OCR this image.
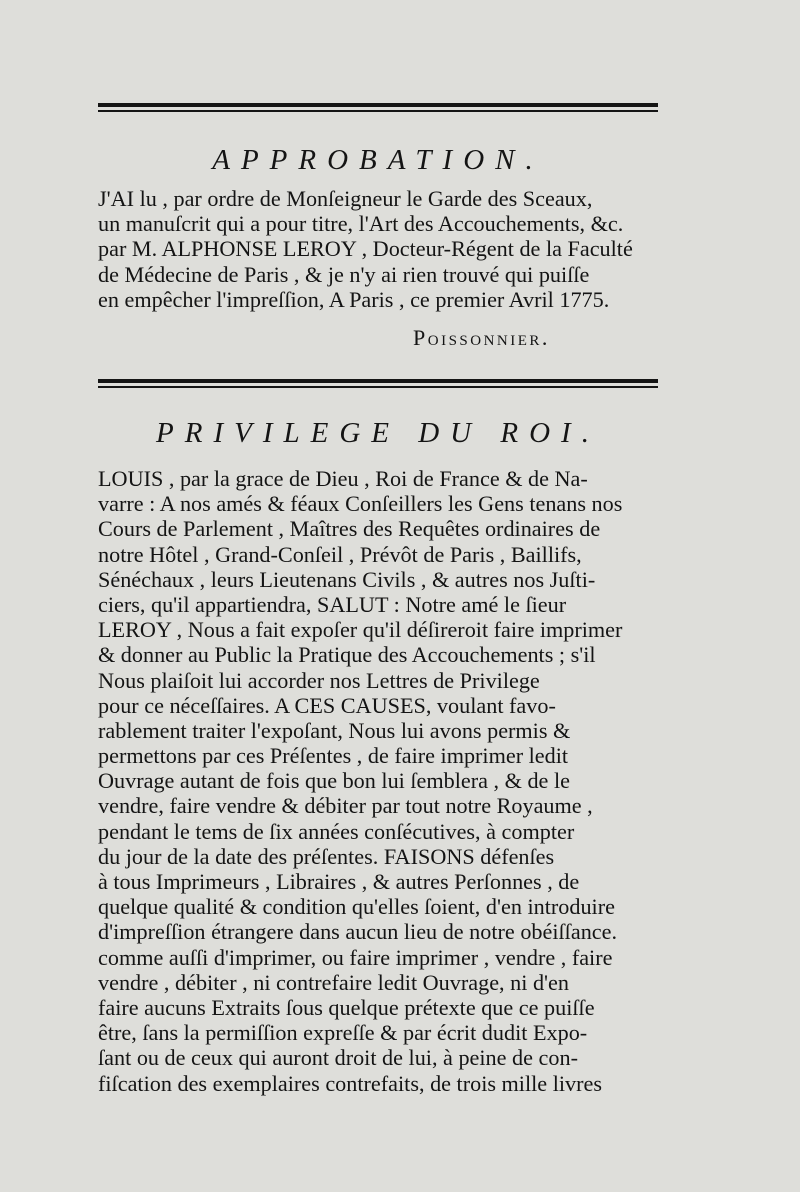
APPROBATION.
J'AI lu , par ordre de Monſeigneur le Garde des Sceaux,
un manuſcrit qui a pour titre, l'Art des Accouchements, &c.
par M. ALPHONSE LEROY , Docteur-Régent de la Faculté
de Médecine de Paris , & je n'y ai rien trouvé qui puiſſe
en empêcher l'impreſſion, A Paris , ce premier Avril 1775.
Poissonnier.
PRIVILEGE DU ROI.
LOUIS , par la grace de Dieu , Roi de France & de Na-
varre : A nos amés & féaux Conſeillers les Gens tenans nos
Cours de Parlement , Maîtres des Requêtes ordinaires de
notre Hôtel , Grand-Conſeil , Prévôt de Paris , Baillifs,
Sénéchaux , leurs Lieutenans Civils , & autres nos Juſti-
ciers, qu'il appartiendra, SALUT : Notre amé le ſieur
LEROY , Nous a fait expoſer qu'il déſireroit faire imprimer
& donner au Public la Pratique des Accouchements ; s'il
Nous plaiſoit lui accorder nos Lettres de Privilege
pour ce néceſſaires. A CES CAUSES, voulant favo-
rablement traiter l'expoſant, Nous lui avons permis &
permettons par ces Préſentes , de faire imprimer ledit
Ouvrage autant de fois que bon lui ſemblera , & de le
vendre, faire vendre & débiter par tout notre Royaume ,
pendant le tems de ſix années conſécutives, à compter
du jour de la date des préſentes. FAISONS défenſes
à tous Imprimeurs , Libraires , & autres Perſonnes , de
quelque qualité & condition qu'elles ſoient, d'en introduire
d'impreſſion étrangere dans aucun lieu de notre obéiſſance.
comme auſſi d'imprimer, ou faire imprimer , vendre , faire
vendre , débiter , ni contrefaire ledit Ouvrage, ni d'en
faire aucuns Extraits ſous quelque prétexte que ce puiſſe
être, ſans la permiſſion expreſſe & par écrit dudit Expo-
ſant ou de ceux qui auront droit de lui, à peine de con-
fiſcation des exemplaires contrefaits, de trois mille livres
